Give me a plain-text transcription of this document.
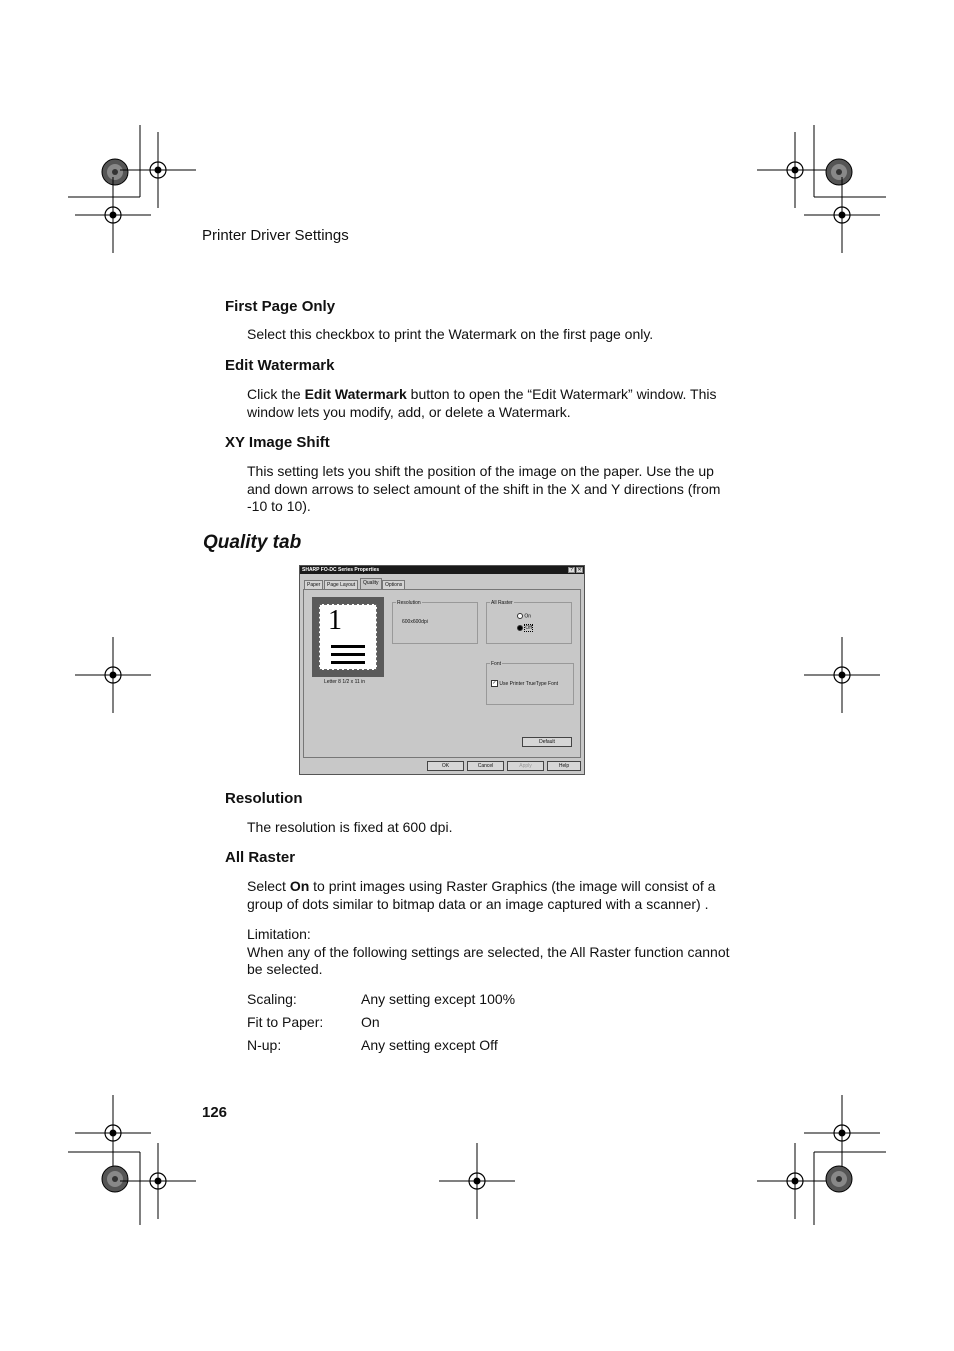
Printer Driver Settings
First Page Only
Select this checkbox to print the Watermark on the first page only.
Edit Watermark
Click the Edit Watermark button to open the “Edit Watermark” window. This
window lets you modify, add, or delete a Watermark.
XY Image Shift
This setting lets you shift the position of the image on the paper. Use the up
and down arrows to select amount of the shift in the X and Y directions (from
-10 to 10).
Quality tab
SHARP FO-DC Series Properties	? ✕
Paper	Page Layout	Quality	Options
1
Letter 8 1/2 x 11 in
Resolution
600x600dpi
All Raster
On
Off
Font
✓ Use Printer TrueType Font
Default
OK	Cancel	Apply	Help
Resolution
The resolution is fixed at 600 dpi.
All Raster
Select On to print images using Raster Graphics (the image will consist of a
group of dots similar to bitmap data or an image captured with a scanner) .
Limitation:
When any of the following settings are selected, the All Raster function cannot
be selected.
Scaling:	Any setting except 100%
Fit to Paper:	On
N-up:	Any setting except Off
126
